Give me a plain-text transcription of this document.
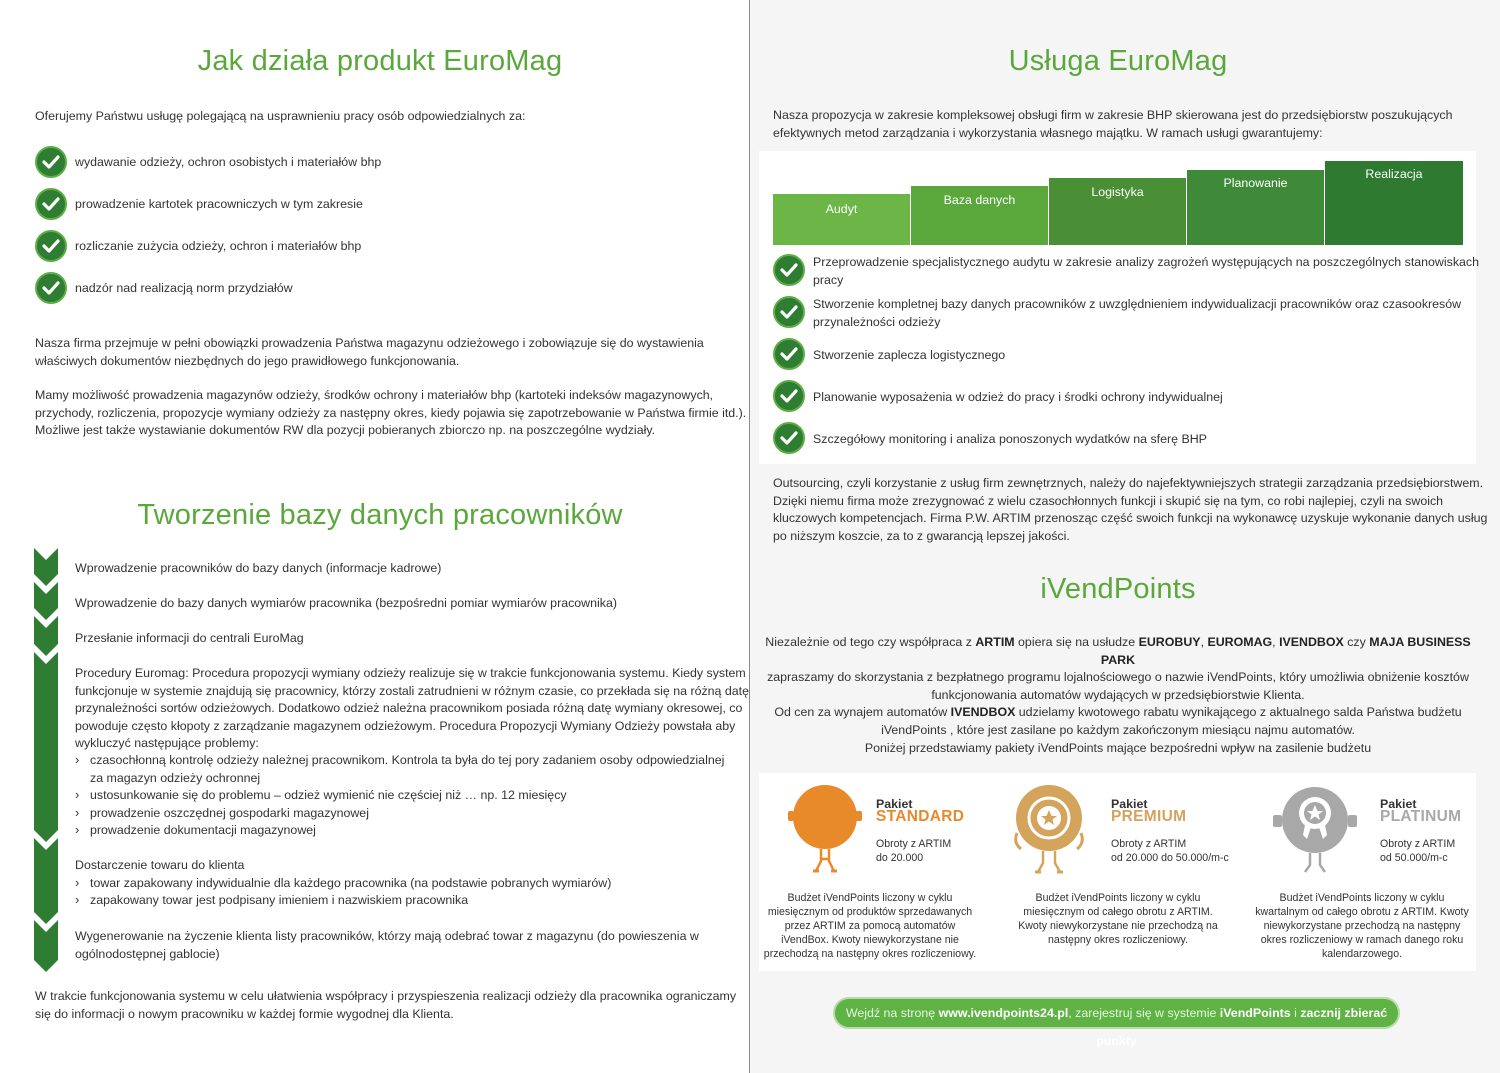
Jak działa produkt EuroMag
Oferujemy Państwu usługę polegającą na usprawnieniu pracy osób odpowiedzialnych za:
wydawanie odzieży, ochron osobistych i materiałów bhp
prowadzenie kartotek pracowniczych w tym zakresie
rozliczanie zużycia odzieży, ochron i materiałów bhp
nadzór nad realizacją norm przydziałów
Nasza firma przejmuje w pełni obowiązki prowadzenia Państwa magazynu odzieżowego i zobowiązuje się do wystawienia
właściwych dokumentów niezbędnych do jego prawidłowego funkcjonowania.
Mamy możliwość prowadzenia magazynów odzieży, środków ochrony i materiałów bhp (kartoteki indeksów magazynowych,
przychody, rozliczenia, propozycje wymiany odzieży za następny okres, kiedy pojawia się zapotrzebowanie w Państwa firmie itd.).
Możliwe jest także wystawianie dokumentów RW dla pozycji pobieranych zbiorczo np. na poszczególne wydziały.
Tworzenie bazy danych pracowników
Wprowadzenie pracowników do bazy danych (informacje kadrowe)
Wprowadzenie do bazy danych wymiarów pracownika (bezpośredni pomiar wymiarów pracownika)
Przesłanie informacji do centrali EuroMag
Procedury Euromag: Procedura propozycji wymiany odzieży realizuje się w trakcie funkcjonowania systemu. Kiedy system
funkcjonuje w systemie znajdują się pracownicy, którzy zostali zatrudnieni w różnym czasie, co przekłada się na różną datę
przynależności sortów odzieżowych. Dodatkowo odzież należna pracownikom posiada różną datę wymiany okresowej, co
powoduje często kłopoty z zarządzanie magazynem odzieżowym. Procedura Propozycji Wymiany Odzieży powstała aby
wykluczyć następujące problemy:
› czasochłonną kontrolę odzieży należnej pracownikom. Kontrola ta była do tej pory zadaniem osoby odpowiedzialnej
za magazyn odzieży ochronnej
› ustosunkowanie się do problemu – odzież wymienić nie częściej niż … np. 12 miesięcy
› prowadzenie oszczędnej gospodarki magazynowej
› prowadzenie dokumentacji magazynowej
Dostarczenie towaru do klienta
› towar zapakowany indywidualnie dla każdego pracownika (na podstawie pobranych wymiarów)
› zapakowany towar jest podpisany imieniem i nazwiskiem pracownika
Wygenerowanie na życzenie klienta listy pracowników, którzy mają odebrać towar z magazynu (do powieszenia w
ogólnodostępnej gablocie)
W trakcie funkcjonowania systemu w celu ułatwienia współpracy i przyspieszenia realizacji odzieży dla pracownika ograniczamy
się do informacji o nowym pracowniku w każdej formie wygodnej dla Klienta.
Usługa EuroMag
Nasza propozycja w zakresie kompleksowej obsługi firm w zakresie BHP skierowana jest do przedsiębiorstw poszukujących
efektywnych metod zarządzania i wykorzystania własnego majątku. W ramach usługi gwarantujemy:
Audyt
Baza danych
Logistyka
Planowanie
Realizacja
Przeprowadzenie specjalistycznego audytu w zakresie analizy zagrożeń występujących na poszczególnych stanowiskach
pracy
Stworzenie kompletnej bazy danych pracowników z uwzględnieniem indywidualizacji pracowników oraz czasookresów
przynależności odzieży
Stworzenie zaplecza logistycznego
Planowanie wyposażenia w odzież do pracy i środki ochrony indywidualnej
Szczegółowy monitoring i analiza ponoszonych wydatków na sferę BHP
Outsourcing, czyli korzystanie z usług firm zewnętrznych, należy do najefektywniejszych strategii zarządzania przedsiębiorstwem.
Dzięki niemu firma może zrezygnować z wielu czasochłonnych funkcji i skupić się na tym, co robi najlepiej, czyli na swoich
kluczowych kompetencjach. Firma P.W. ARTIM przenosząc część swoich funkcji na wykonawcę uzyskuje wykonanie danych usług
po niższym koszcie, za to z gwarancją lepszej jakości.
iVendPoints
Niezależnie od tego czy współpraca z ARTIM opiera się na usłudze EUROBUY, EUROMAG, IVENDBOX czy MAJA BUSINESS PARK
zapraszamy do skorzystania z bezpłatnego programu lojalnościowego o nazwie iVendPoints, który umożliwia obniżenie kosztów
funkcjonowania automatów wydających w przedsiębiorstwie Klienta.
Od cen za wynajem automatów IVENDBOX udzielamy kwotowego rabatu wynikającego z aktualnego salda Państwa budżetu
iVendPoints , które jest zasilane po każdym zakończonym miesiącu najmu automatów.
Poniżej przedstawiamy pakiety iVendPoints mające bezpośredni wpływ na zasilenie budżetu
Pakiet
STANDARD
Obroty z ARTIM
do 20.000
Budżet iVendPoints liczony w cyklu
miesięcznym od produktów sprzedawanych
przez ARTIM za pomocą automatów
iVendBox. Kwoty niewykorzystane nie
przechodzą na następny okres rozliczeniowy.
Pakiet
PREMIUM
Obroty z ARTIM
od 20.000 do 50.000/m-c
Budżet iVendPoints liczony w cyklu
miesięcznym od całego obrotu z ARTIM.
Kwoty niewykorzystane nie przechodzą na
następny okres rozliczeniowy.
Pakiet
PLATINUM
Obroty z ARTIM
od 50.000/m-c
Budżet iVendPoints liczony w cyklu
kwartalnym od całego obrotu z ARTIM. Kwoty
niewykorzystane przechodzą na następny
okres rozliczeniowy w ramach danego roku
kalendarzowego.
Wejdź na stronę www.ivendpoints24.pl, zarejestruj się w systemie iVendPoints i zacznij zbierać punkty
